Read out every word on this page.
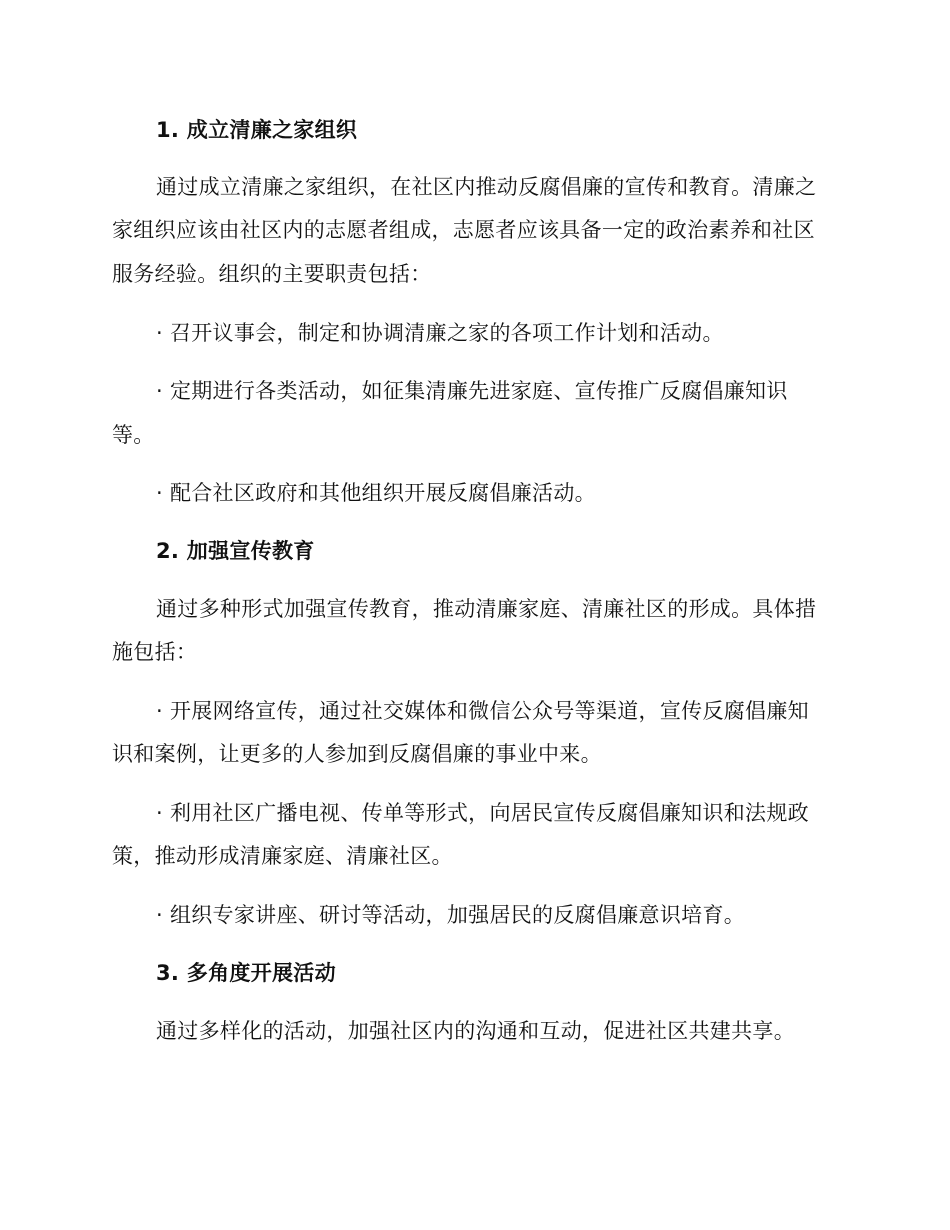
1. 成立清廉之家组织
通过成立清廉之家组织，在社区内推动反腐倡廉的宣传和教育。清廉之
家组织应该由社区内的志愿者组成，志愿者应该具备一定的政治素养和社区
服务经验。组织的主要职责包括：
· 召开议事会，制定和协调清廉之家的各项工作计划和活动。
· 定期进行各类活动，如征集清廉先进家庭、宣传推广反腐倡廉知识
等。
· 配合社区政府和其他组织开展反腐倡廉活动。
2. 加强宣传教育
通过多种形式加强宣传教育，推动清廉家庭、清廉社区的形成。具体措
施包括：
· 开展网络宣传，通过社交媒体和微信公众号等渠道，宣传反腐倡廉知
识和案例，让更多的人参加到反腐倡廉的事业中来。
· 利用社区广播电视、传单等形式，向居民宣传反腐倡廉知识和法规政
策，推动形成清廉家庭、清廉社区。
· 组织专家讲座、研讨等活动，加强居民的反腐倡廉意识培育。
3. 多角度开展活动
通过多样化的活动，加强社区内的沟通和互动，促进社区共建共享。
